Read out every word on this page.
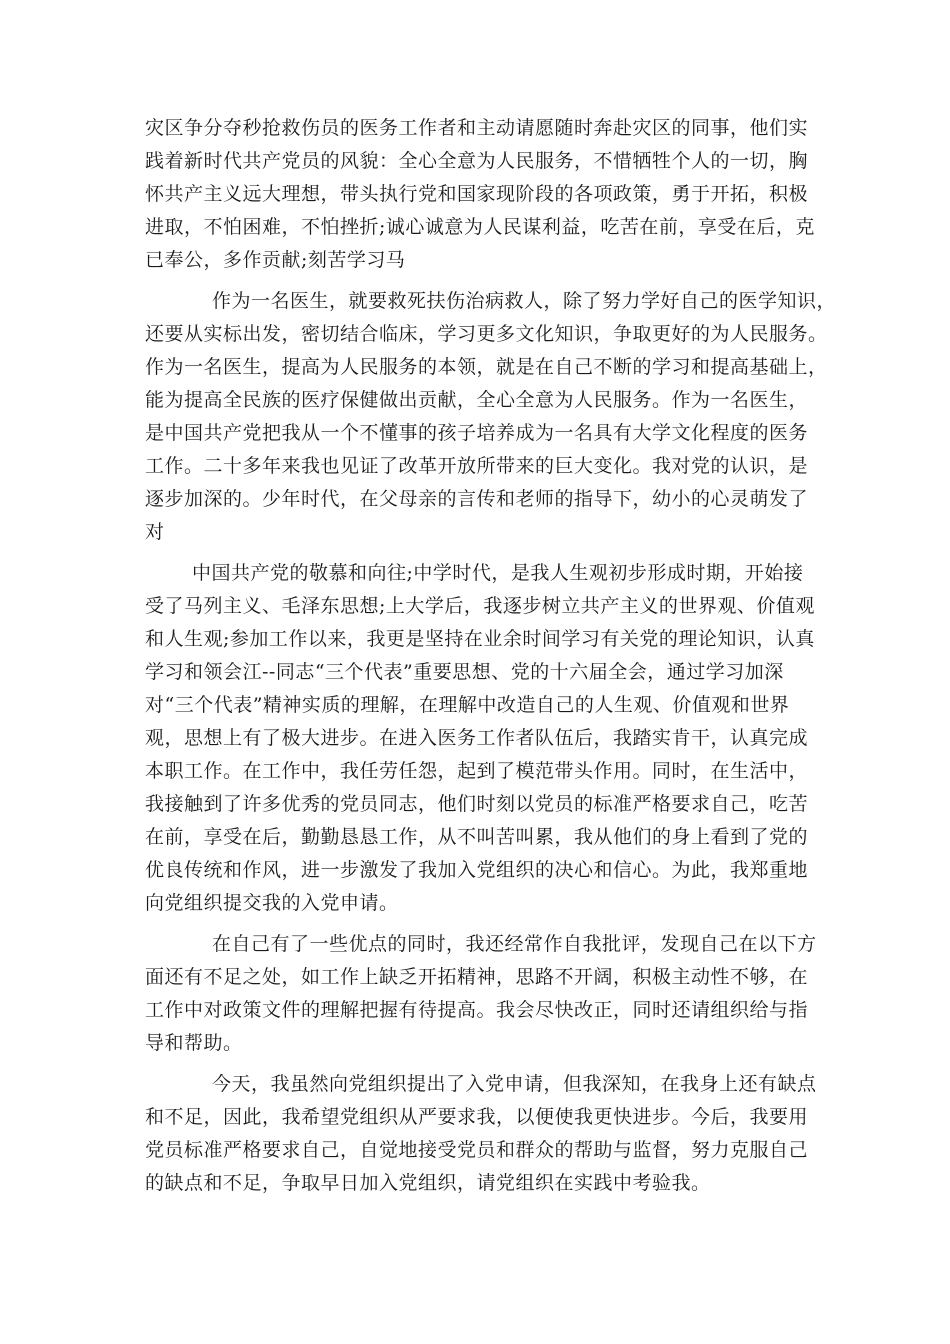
灾区争分夺秒抢救伤员的医务工作者和主动请愿随时奔赴灾区的同事，他们实
践着新时代共产党员的风貌：全心全意为人民服务，不惜牺牲个人的一切，胸
怀共产主义远大理想，带头执行党和国家现阶段的各项政策，勇于开拓，积极
进取，不怕困难，不怕挫折;诚心诚意为人民谋利益，吃苦在前，享受在后，克
已奉公，多作贡献;刻苦学习马
作为一名医生，就要救死扶伤治病救人，除了努力学好自己的医学知识，
还要从实标出发，密切结合临床，学习更多文化知识，争取更好的为人民服务。
作为一名医生，提高为人民服务的本领，就是在自己不断的学习和提高基础上，
能为提高全民族的医疗保健做出贡献，全心全意为人民服务。作为一名医生，
是中国共产党把我从一个不懂事的孩子培养成为一名具有大学文化程度的医务
工作。二十多年来我也见证了改革开放所带来的巨大变化。我对党的认识，是
逐步加深的。少年时代，在父母亲的言传和老师的指导下，幼小的心灵萌发了
对
中国共产党的敬慕和向往;中学时代，是我人生观初步形成时期，开始接
受了马列主义、毛泽东思想;上大学后，我逐步树立共产主义的世界观、价值观
和人生观;参加工作以来，我更是坚持在业余时间学习有关党的理论知识，认真
学习和领会江--同志“三个代表”重要思想、党的十六届全会，通过学习加深
对“三个代表”精神实质的理解，在理解中改造自己的人生观、价值观和世界
观，思想上有了极大进步。在进入医务工作者队伍后，我踏实肯干，认真完成
本职工作。在工作中，我任劳任怨，起到了模范带头作用。同时，在生活中，
我接触到了许多优秀的党员同志，他们时刻以党员的标准严格要求自己，吃苦
在前，享受在后，勤勤恳恳工作，从不叫苦叫累，我从他们的身上看到了党的
优良传统和作风，进一步激发了我加入党组织的决心和信心。为此，我郑重地
向党组织提交我的入党申请。
在自己有了一些优点的同时，我还经常作自我批评，发现自己在以下方
面还有不足之处，如工作上缺乏开拓精神，思路不开阔，积极主动性不够，在
工作中对政策文件的理解把握有待提高。我会尽快改正，同时还请组织给与指
导和帮助。
今天，我虽然向党组织提出了入党申请，但我深知，在我身上还有缺点
和不足，因此，我希望党组织从严要求我，以便使我更快进步。今后，我要用
党员标准严格要求自己，自觉地接受党员和群众的帮助与监督，努力克服自己
的缺点和不足，争取早日加入党组织，请党组织在实践中考验我。
